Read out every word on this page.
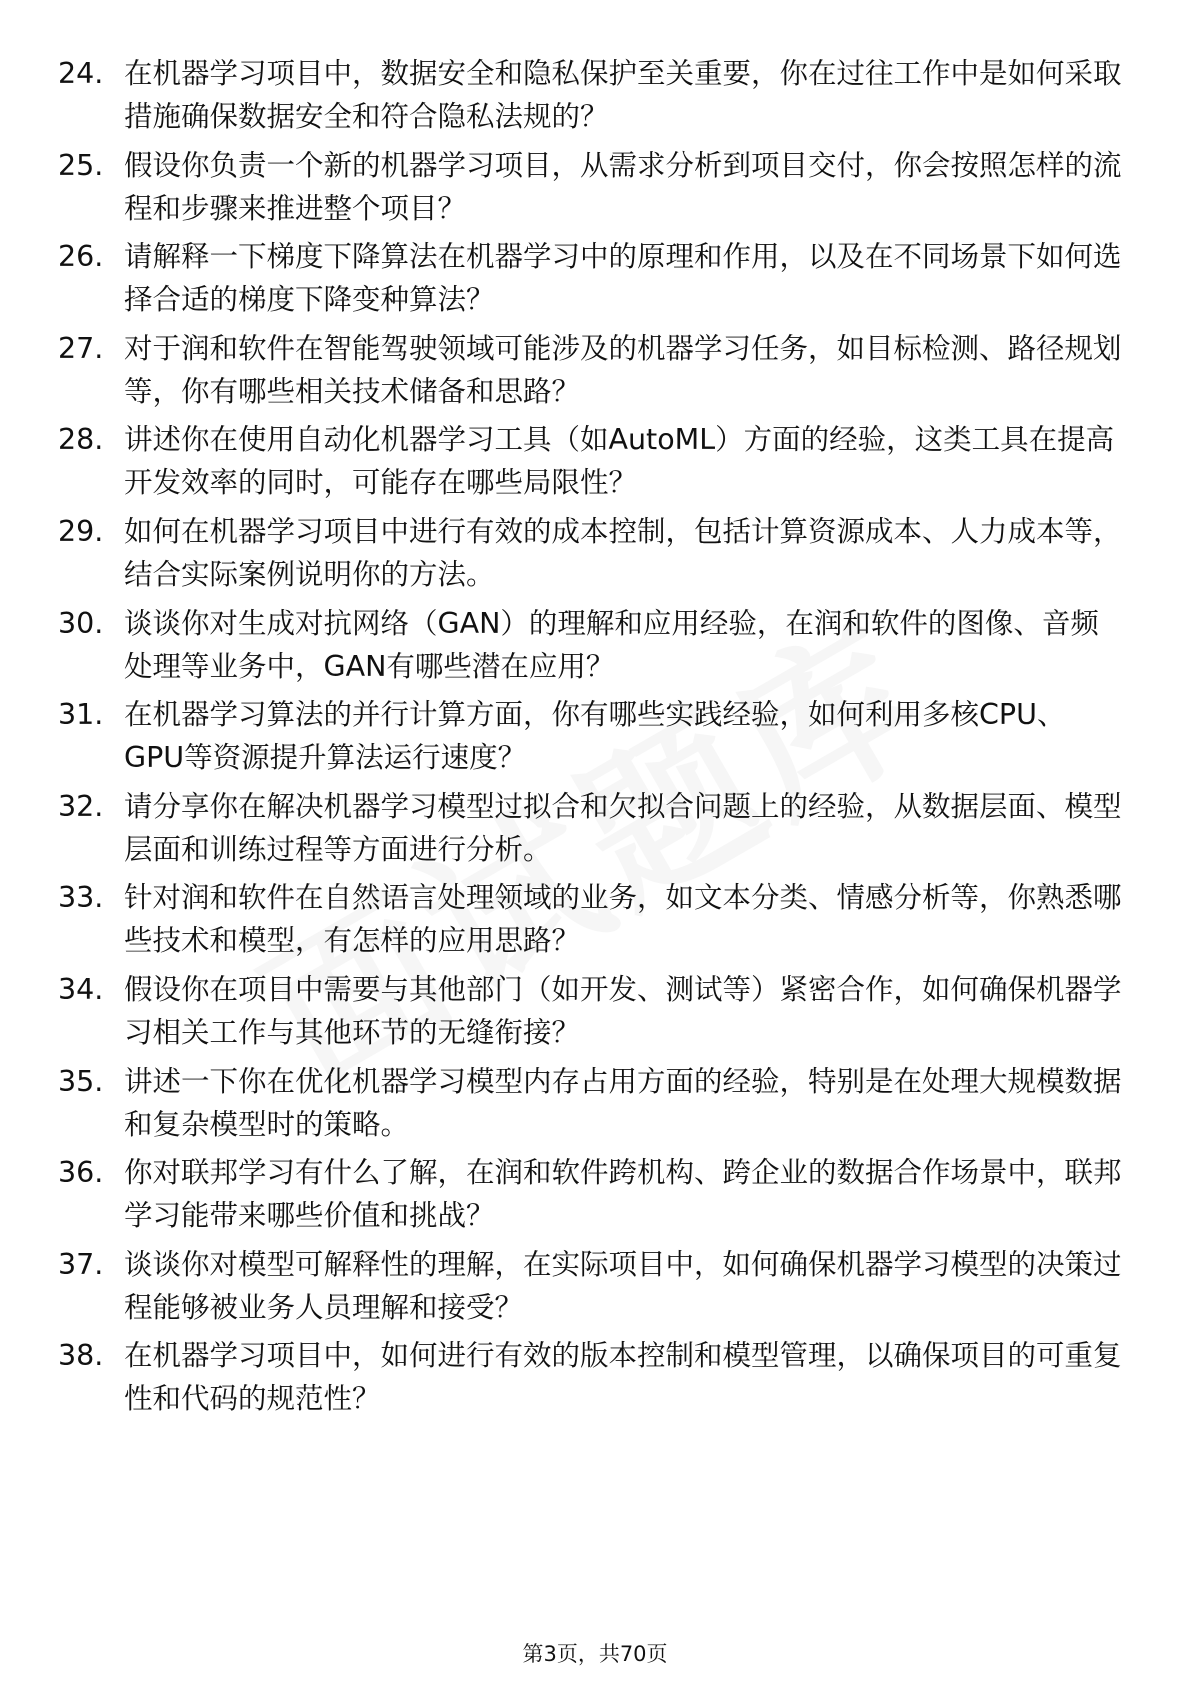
24. 在机器学习项目中，数据安全和隐私保护至关重要，你在过往工作中是如何采取措施确保数据安全和符合隐私法规的？
25. 假设你负责一个新的机器学习项目，从需求分析到项目交付，你会按照怎样的流程和步骤来推进整个项目？
26. 请解释一下梯度下降算法在机器学习中的原理和作用，以及在不同场景下如何选择合适的梯度下降变种算法？
27. 对于润和软件在智能驾驶领域可能涉及的机器学习任务，如目标检测、路径规划等，你有哪些相关技术储备和思路？
28. 讲述你在使用自动化机器学习工具（如AutoML）方面的经验，这类工具在提高开发效率的同时，可能存在哪些局限性？
29. 如何在机器学习项目中进行有效的成本控制，包括计算资源成本、人力成本等，结合实际案例说明你的方法。
30. 谈谈你对生成对抗网络（GAN）的理解和应用经验，在润和软件的图像、音频处理等业务中，GAN有哪些潜在应用？
31. 在机器学习算法的并行计算方面，你有哪些实践经验，如何利用多核CPU、GPU等资源提升算法运行速度？
32. 请分享你在解决机器学习模型过拟合和欠拟合问题上的经验，从数据层面、模型层面和训练过程等方面进行分析。
33. 针对润和软件在自然语言处理领域的业务，如文本分类、情感分析等，你熟悉哪些技术和模型，有怎样的应用思路？
34. 假设你在项目中需要与其他部门（如开发、测试等）紧密合作，如何确保机器学习相关工作与其他环节的无缝衔接？
35. 讲述一下你在优化机器学习模型内存占用方面的经验，特别是在处理大规模数据和复杂模型时的策略。
36. 你对联邦学习有什么了解，在润和软件跨机构、跨企业的数据合作场景中，联邦学习能带来哪些价值和挑战？
37. 谈谈你对模型可解释性的理解，在实际项目中，如何确保机器学习模型的决策过程能够被业务人员理解和接受？
38. 在机器学习项目中，如何进行有效的版本控制和模型管理，以确保项目的可重复性和代码的规范性？
第3页，共70页
